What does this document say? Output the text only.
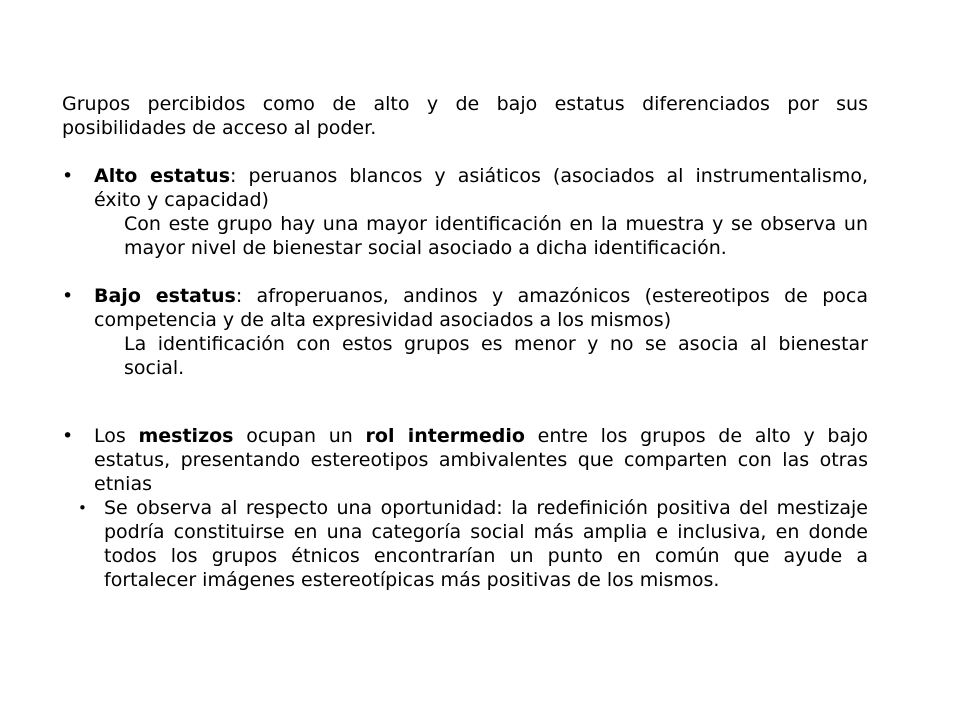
Grupos percibidos como de alto y de bajo estatus diferenciados por sus posibilidades de acceso al poder.

•	Alto estatus: peruanos blancos y asiáticos (asociados al instrumentalismo, éxito y capacidad)

Con este grupo hay una mayor identificación en la muestra y se observa un mayor nivel de bienestar social asociado a dicha identificación.

•	Bajo estatus: afroperuanos, andinos y amazónicos (estereotipos de poca competencia y de alta expresividad asociados a los mismos)

La identificación con estos grupos es menor y no se asocia al bienestar social.

•	Los mestizos ocupan un rol intermedio entre los grupos de alto y bajo estatus, presentando estereotipos ambivalentes que comparten con las otras etnias

• Se observa al respecto una oportunidad: la redefinición positiva del mestizaje podría constituirse en una categoría social más amplia e inclusiva, en donde todos los grupos étnicos encontrarían un punto en común que ayude a fortalecer imágenes estereotípicas más positivas de los mismos.
